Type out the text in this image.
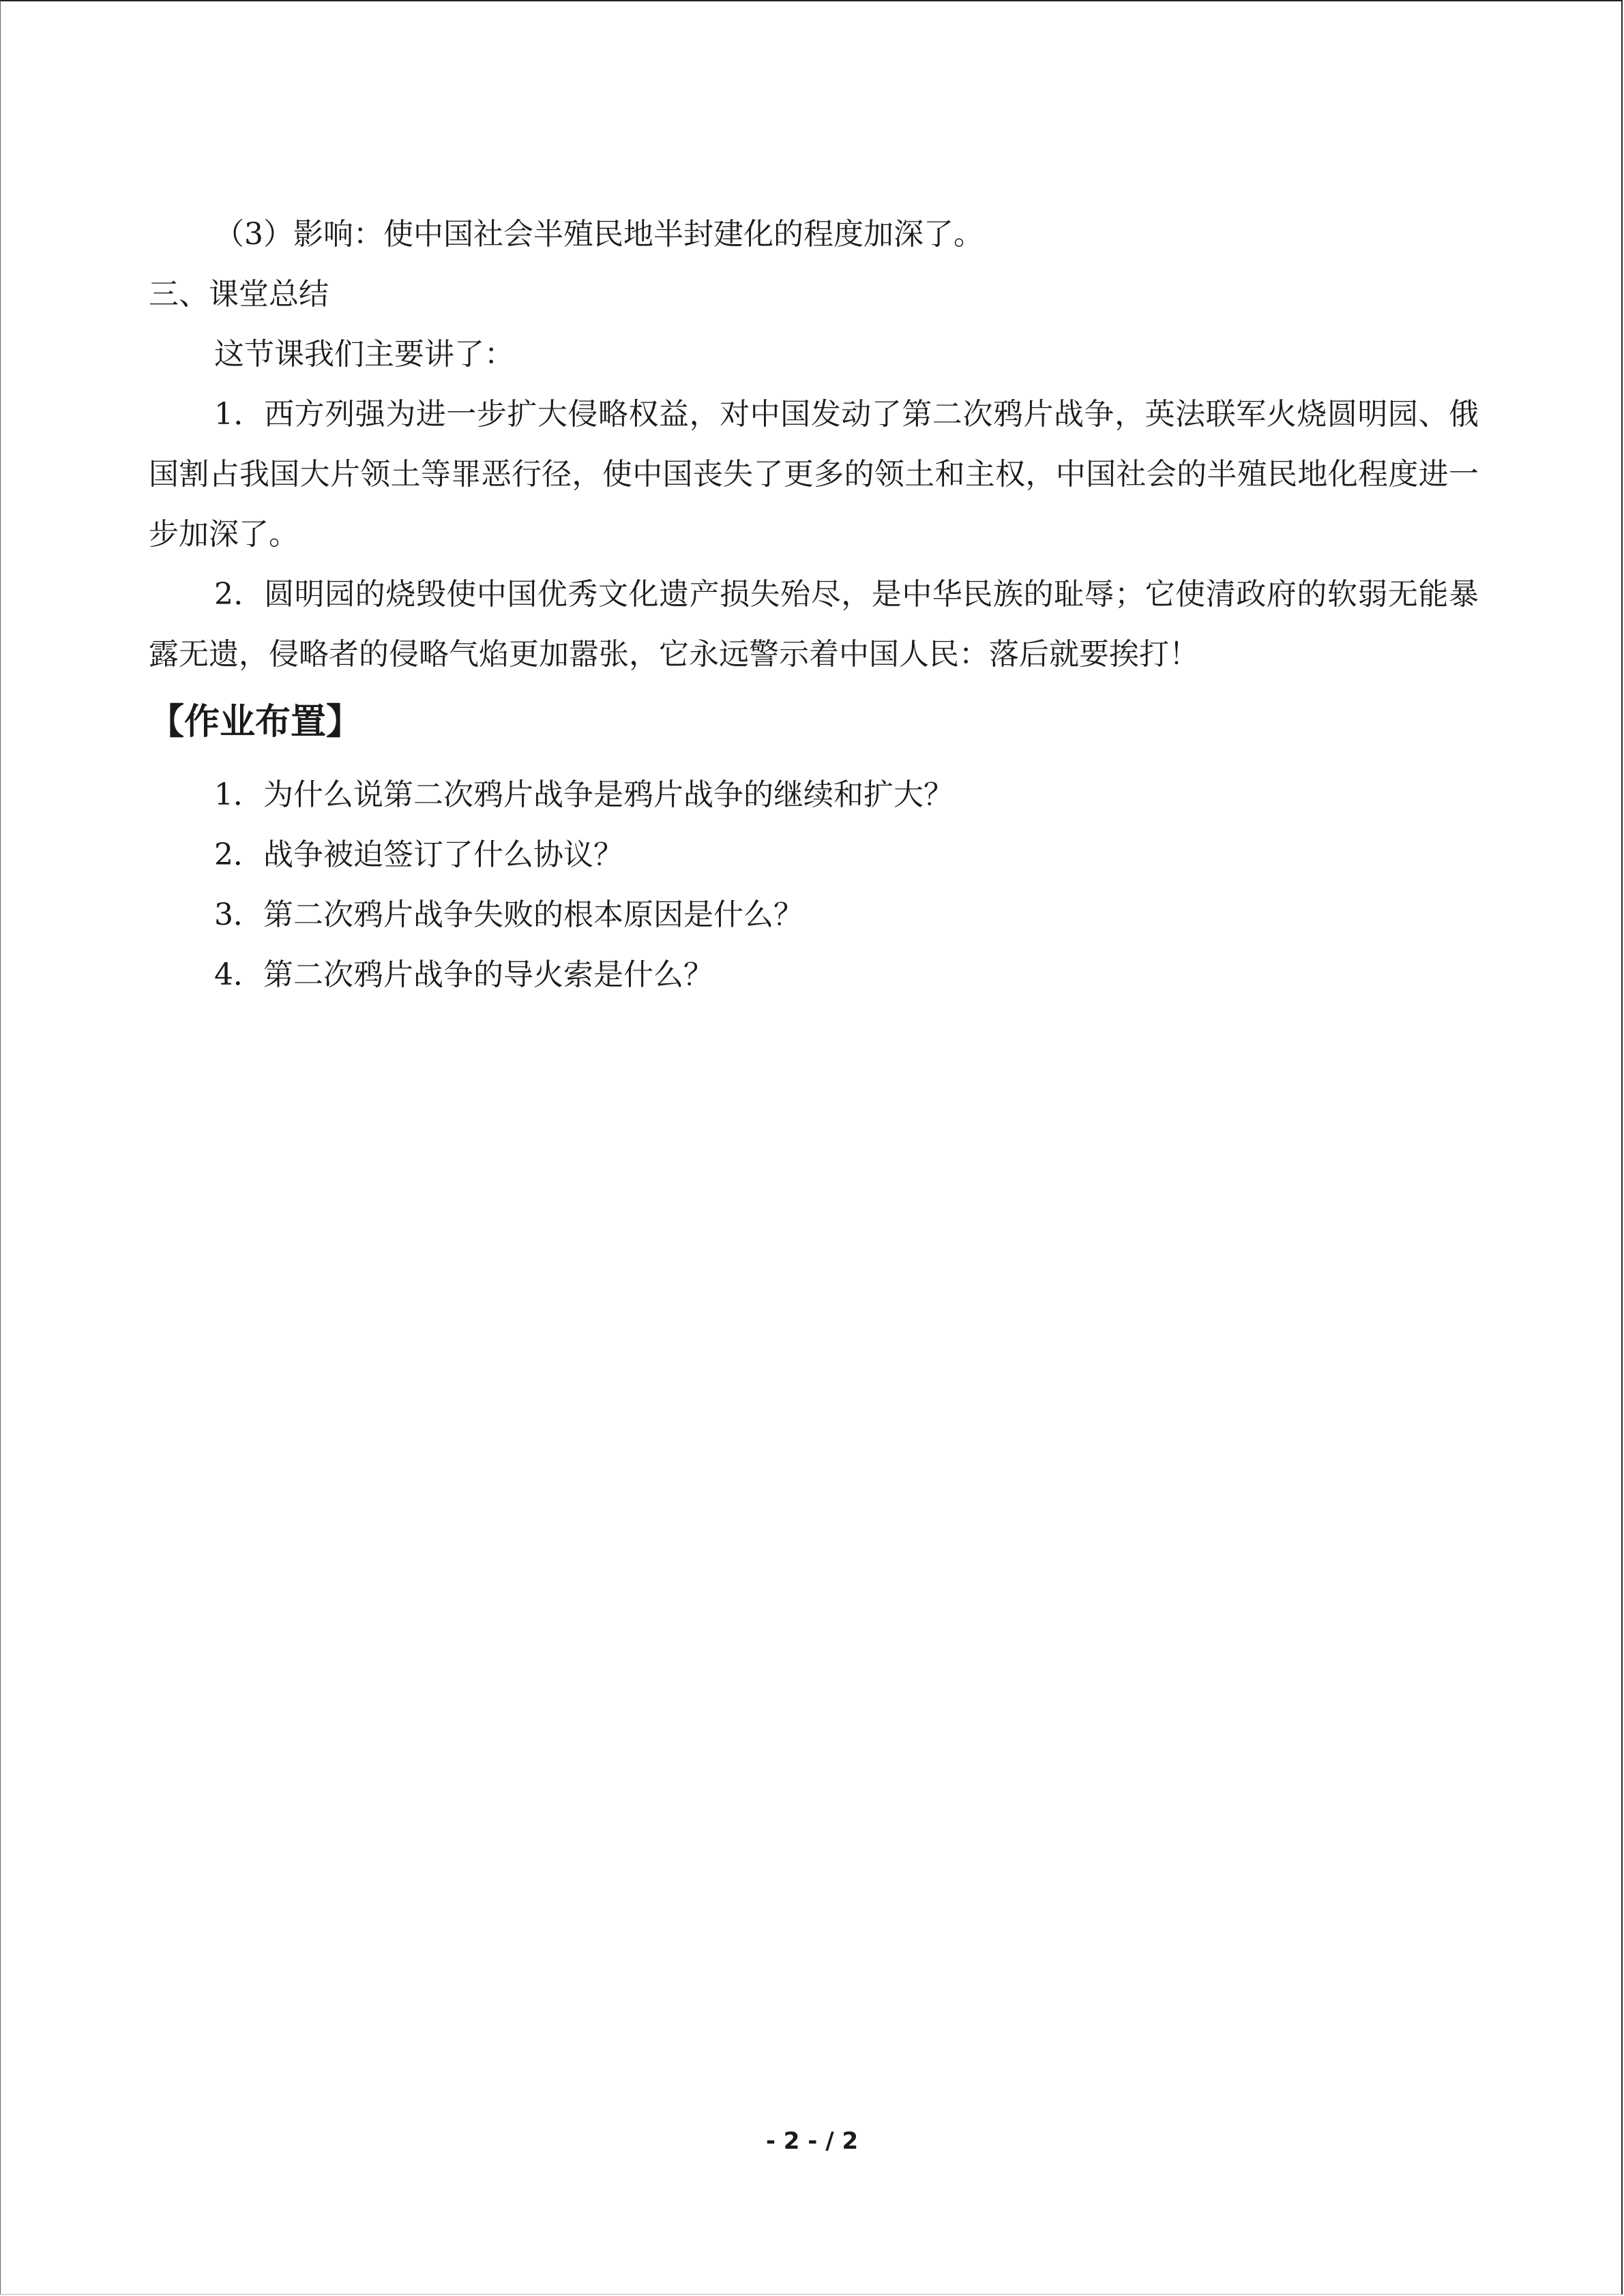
（3）影响：使中国社会半殖民地半封建化的程度加深了。

三、课堂总结

这节课我们主要讲了：

1．西方列强为进一步扩大侵略权益，对中国发动了第二次鸦片战争，英法联军火烧圆明园、俄国割占我国大片领土等罪恶行径，使中国丧失了更多的领土和主权，中国社会的半殖民地化程度进一步加深了。

2．圆明园的烧毁使中国优秀文化遗产损失殆尽，是中华民族的耻辱；它使清政府的软弱无能暴露无遗，侵略者的侵略气焰更加嚣张，它永远警示着中国人民：落后就要挨打！

【作业布置】
1．为什么说第二次鸦片战争是鸦片战争的继续和扩大？
2．战争被迫签订了什么协议？
3．第二次鸦片战争失败的根本原因是什么？
4．第二次鸦片战争的导火索是什么？
- 2 - / 2
